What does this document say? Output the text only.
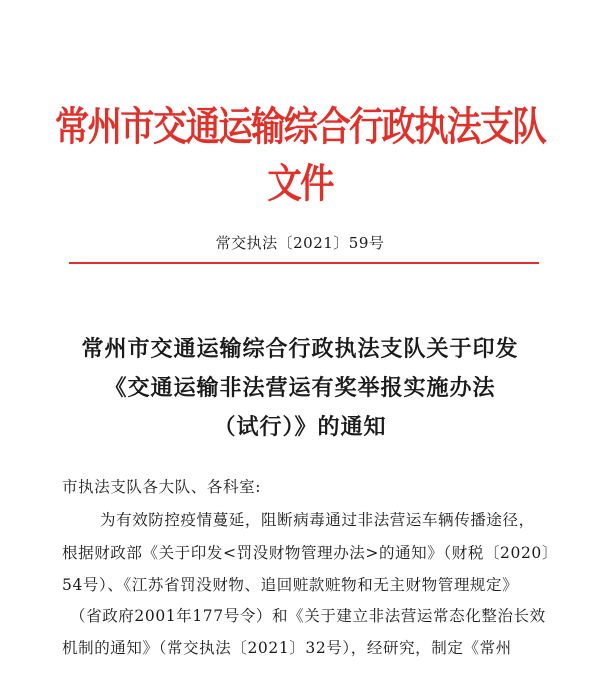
常州市交通运输综合行政执法支队文件
常交执法〔2021〕59号
常州市交通运输综合行政执法支队关于印发
《交通运输非法营运有奖举报实施办法
（试行）》的通知
市执法支队各大队、各科室:
为有效防控疫情蔓延，阻断病毒通过非法营运车辆传播途径，
根据财政部《关于印发<罚没财物管理办法>的通知》（财税〔2020〕
54号）、《江苏省罚没财物、追回赃款赃物和无主财物管理规定》
（省政府2001年177号令）和《关于建立非法营运常态化整治长效
机制的通知》（常交执法〔2021〕32号），经研究，制定《常州
